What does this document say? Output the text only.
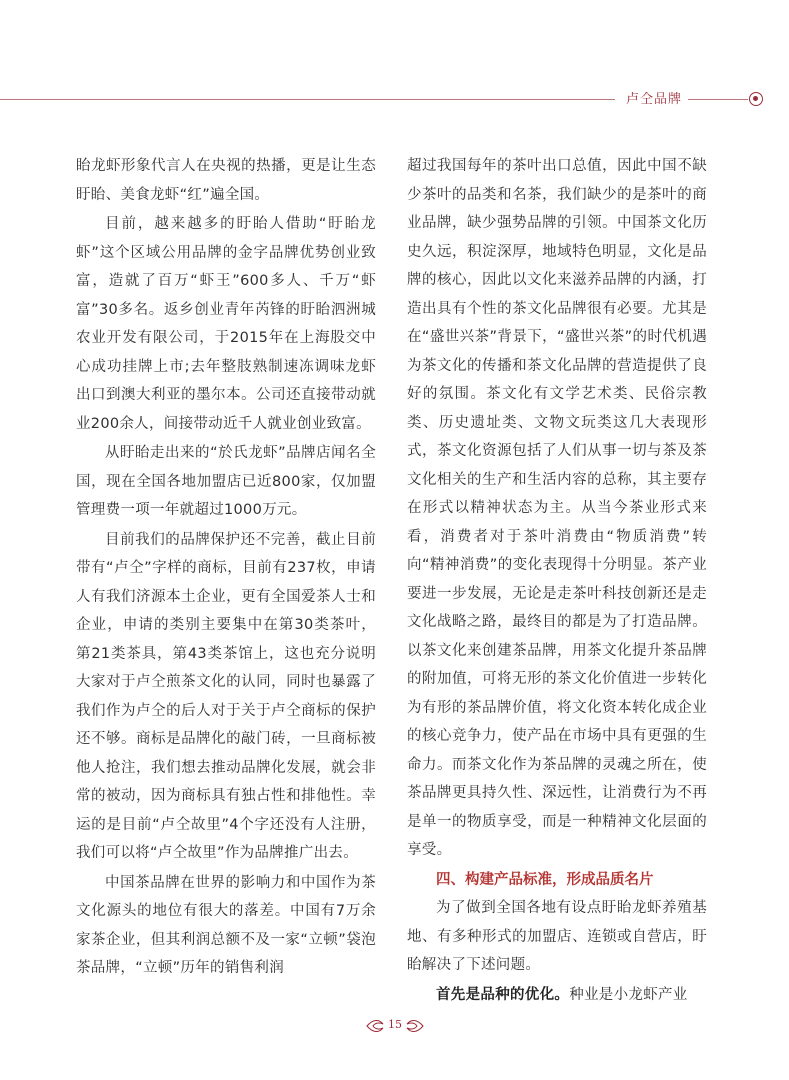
卢仝品牌

眙龙虾形象代言人在央视的热播，更是让生态盱眙、美食龙虾“红”遍全国。

目前，越来越多的盱眙人借助“盱眙龙虾”这个区域公用品牌的金字品牌优势创业致富，造就了百万“虾王”600多人、千万“虾富”30多名。返乡创业青年芮锋的盱眙泗洲城农业开发有限公司，于2015年在上海股交中心成功挂牌上市;去年整肢熟制速冻调味龙虾出口到澳大利亚的墨尔本。公司还直接带动就业200余人，间接带动近千人就业创业致富。

从盱眙走出来的“於氏龙虾”品牌店闻名全国，现在全国各地加盟店已近800家，仅加盟管理费一项一年就超过1000万元。

目前我们的品牌保护还不完善，截止目前带有“卢仝”字样的商标，目前有237枚，申请人有我们济源本土企业，更有全国爱茶人士和企业，申请的类别主要集中在第30类茶叶，第21类茶具，第43类茶馆上，这也充分说明大家对于卢仝煎茶文化的认同，同时也暴露了我们作为卢仝的后人对于关于卢仝商标的保护还不够。商标是品牌化的敲门砖，一旦商标被他人抢注，我们想去推动品牌化发展，就会非常的被动，因为商标具有独占性和排他性。幸运的是目前“卢仝故里”4个字还没有人注册，我们可以将“卢仝故里”作为品牌推广出去。

中国茶品牌在世界的影响力和中国作为茶文化源头的地位有很大的落差。中国有7万余家茶企业，但其利润总额不及一家“立顿”袋泡茶品牌，“立顿”历年的销售利润

超过我国每年的茶叶出口总值，因此中国不缺少茶叶的品类和名茶，我们缺少的是茶叶的商业品牌，缺少强势品牌的引领。中国茶文化历史久远，积淀深厚，地域特色明显，文化是品牌的核心，因此以文化来滋养品牌的内涵，打造出具有个性的茶文化品牌很有必要。尤其是在“盛世兴茶”背景下，“盛世兴茶”的时代机遇为茶文化的传播和茶文化品牌的营造提供了良好的氛围。茶文化有文学艺术类、民俗宗教类、历史遗址类、文物文玩类这几大表现形式，茶文化资源包括了人们从事一切与茶及茶文化相关的生产和生活内容的总称，其主要存在形式以精神状态为主。从当今茶业形式来看，消费者对于茶叶消费由“物质消费”转向“精神消费”的变化表现得十分明显。茶产业要进一步发展，无论是走茶叶科技创新还是走文化战略之路，最终目的都是为了打造品牌。以茶文化来创建茶品牌，用茶文化提升茶品牌的附加值，可将无形的茶文化价值进一步转化为有形的茶品牌价值，将文化资本转化成企业的核心竞争力，使产品在市场中具有更强的生命力。而茶文化作为茶品牌的灵魂之所在，使茶品牌更具持久性、深远性，让消费行为不再是单一的物质享受，而是一种精神文化层面的享受。

四、构建产品标准，形成品质名片

为了做到全国各地有设点盱眙龙虾养殖基地、有多种形式的加盟店、连锁或自营店，盱眙解决了下述问题。

首先是品种的优化。种业是小龙虾产业

15
